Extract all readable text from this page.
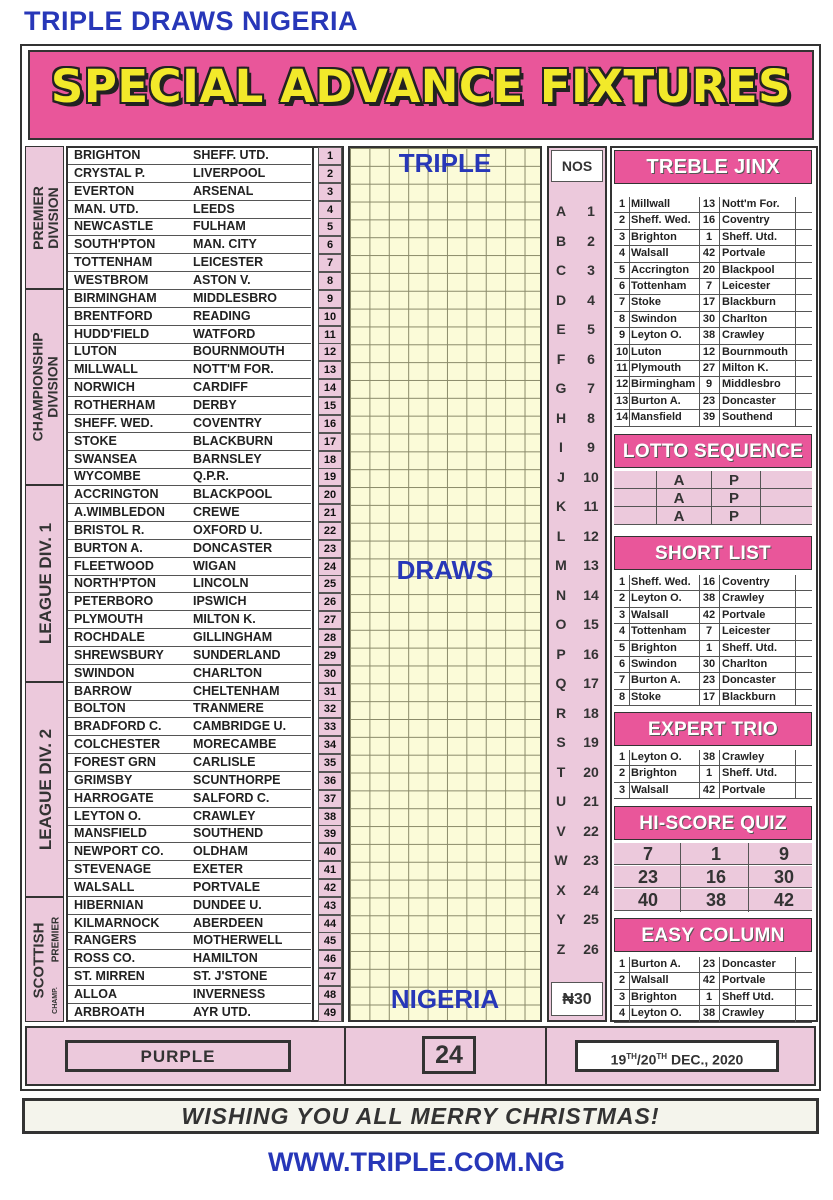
TRIPLE DRAWS NIGERIA
SPECIAL ADVANCE FIXTURES
PREMIER DIVISION
CHAMPIONSHIP DIVISION
LEAGUE DIV. 1
LEAGUE DIV. 2
SCOTTISH PREMIER
CHAMP.
BRIGHTON	SHEFF. UTD.	1
CRYSTAL P.	LIVERPOOL	2
EVERTON	ARSENAL	3
MAN. UTD.	LEEDS	4
NEWCASTLE	FULHAM	5
SOUTH'PTON	MAN. CITY	6
TOTTENHAM	LEICESTER	7
WESTBROM	ASTON V.	8
BIRMINGHAM	MIDDLESBRO	9
BRENTFORD	READING	10
HUDD'FIELD	WATFORD	11
LUTON	BOURNMOUTH	12
MILLWALL	NOTT'M FOR.	13
NORWICH	CARDIFF	14
ROTHERHAM	DERBY	15
SHEFF. WED.	COVENTRY	16
STOKE	BLACKBURN	17
SWANSEA	BARNSLEY	18
WYCOMBE	Q.P.R.	19
ACCRINGTON	BLACKPOOL	20
A.WIMBLEDON CREWE	21
BRISTOL R.	OXFORD U.	22
BURTON A.	DONCASTER	23
FLEETWOOD	WIGAN	24
NORTH'PTON	LINCOLN	25
PETERBORO	IPSWICH	26
PLYMOUTH	MILTON K.	27
ROCHDALE	GILLINGHAM	28
SHREWSBURY SUNDERLAND	29
SWINDON	CHARLTON	30
BARROW	CHELTENHAM	31
BOLTON	TRANMERE	32
BRADFORD C.	CAMBRIDGE U.	33
COLCHESTER	MORECAMBE	34
FOREST GRN	CARLISLE	35
GRIMSBY	SCUNTHORPE	36
HARROGATE	SALFORD C.	37
LEYTON O.	CRAWLEY	38
MANSFIELD	SOUTHEND	39
NEWPORT CO. OLDHAM	40
STEVENAGE	EXETER	41
WALSALL	PORTVALE	42
HIBERNIAN	DUNDEE U.	43
KILMARNOCK	ABERDEEN	44
RANGERS	MOTHERWELL	45
ROSS CO.	HAMILTON	46
ST. MIRREN	ST. J'STONE	47
ALLOA	INVERNESS	48
ARBROATH	AYR UTD.	49
TRIPLE
DRAWS
NIGERIA
NOS
A	1
B	2
C	3
D	4
E	5
F	6
G	7
H	8
I	9
J	10
K	11
L	12
M	13
N	14
O	15
P	16
Q	17
R	18
S	19
T	20
U	21
V	22
W	23
X	24
Y	25
Z	26
₦30
TREBLE JINX
1 Millwall	13 Nott'm For.
2 Sheff. Wed. 16 Coventry
3 Brighton	1 Sheff. Utd.
4 Walsall	42 Portvale
5 Accrington 20 Blackpool
6 Tottenham	7 Leicester
7 Stoke	17 Blackburn
8 Swindon 30 Charlton
9 Leyton O. 38 Crawley
10 Luton	12 Bournmouth
11 Plymouth 27 Milton K.
12 Birmingham 9 Middlesbro
13 Burton A. 23 Doncaster
14 Mansfield 39 Southend
LOTTO SEQUENCE
A	P
A	P
A	P
SHORT LIST
1 Sheff. Wed. 16 Coventry
2 Leyton O. 38 Crawley
3 Walsall	42 Portvale
4 Tottenham	7 Leicester
5 Brighton	1 Sheff. Utd.
6 Swindon 30 Charlton
7 Burton A. 23 Doncaster
8 Stoke	17 Blackburn
EXPERT TRIO
1 Leyton O. 38 Crawley
2 Brighton	1 Sheff. Utd.
3 Walsall	42 Portvale
HI-SCORE QUIZ
7	1	9
23	16	30
40	38	42
EASY COLUMN
1 Burton A. 23 Doncaster
2 Walsall	42 Portvale
3 Brighton	1 Sheff Utd.
4 Leyton O. 38 Crawley
PURPLE	24	19TH/20TH DEC., 2020
WISHING YOU ALL MERRY CHRISTMAS!
WWW.TRIPLE.COM.NG
